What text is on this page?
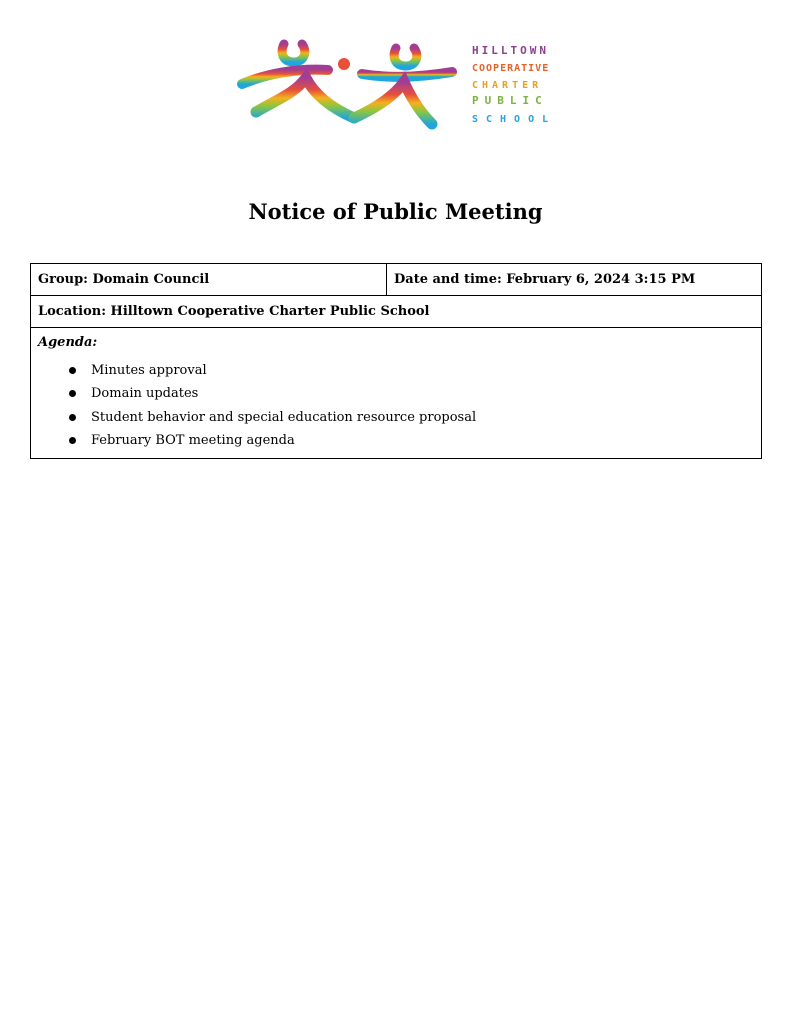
HILLTOWN
COOPERATIVE
CHARTER
PUBLIC
SCHOOL
Notice of Public Meeting
Group: Domain Council	Date and time: February 6, 2024 3:15 PM
Location: Hilltown Cooperative Charter Public School

Agenda:
Minutes approval
Domain updates
Student behavior and special education resource proposal
February BOT meeting agenda
